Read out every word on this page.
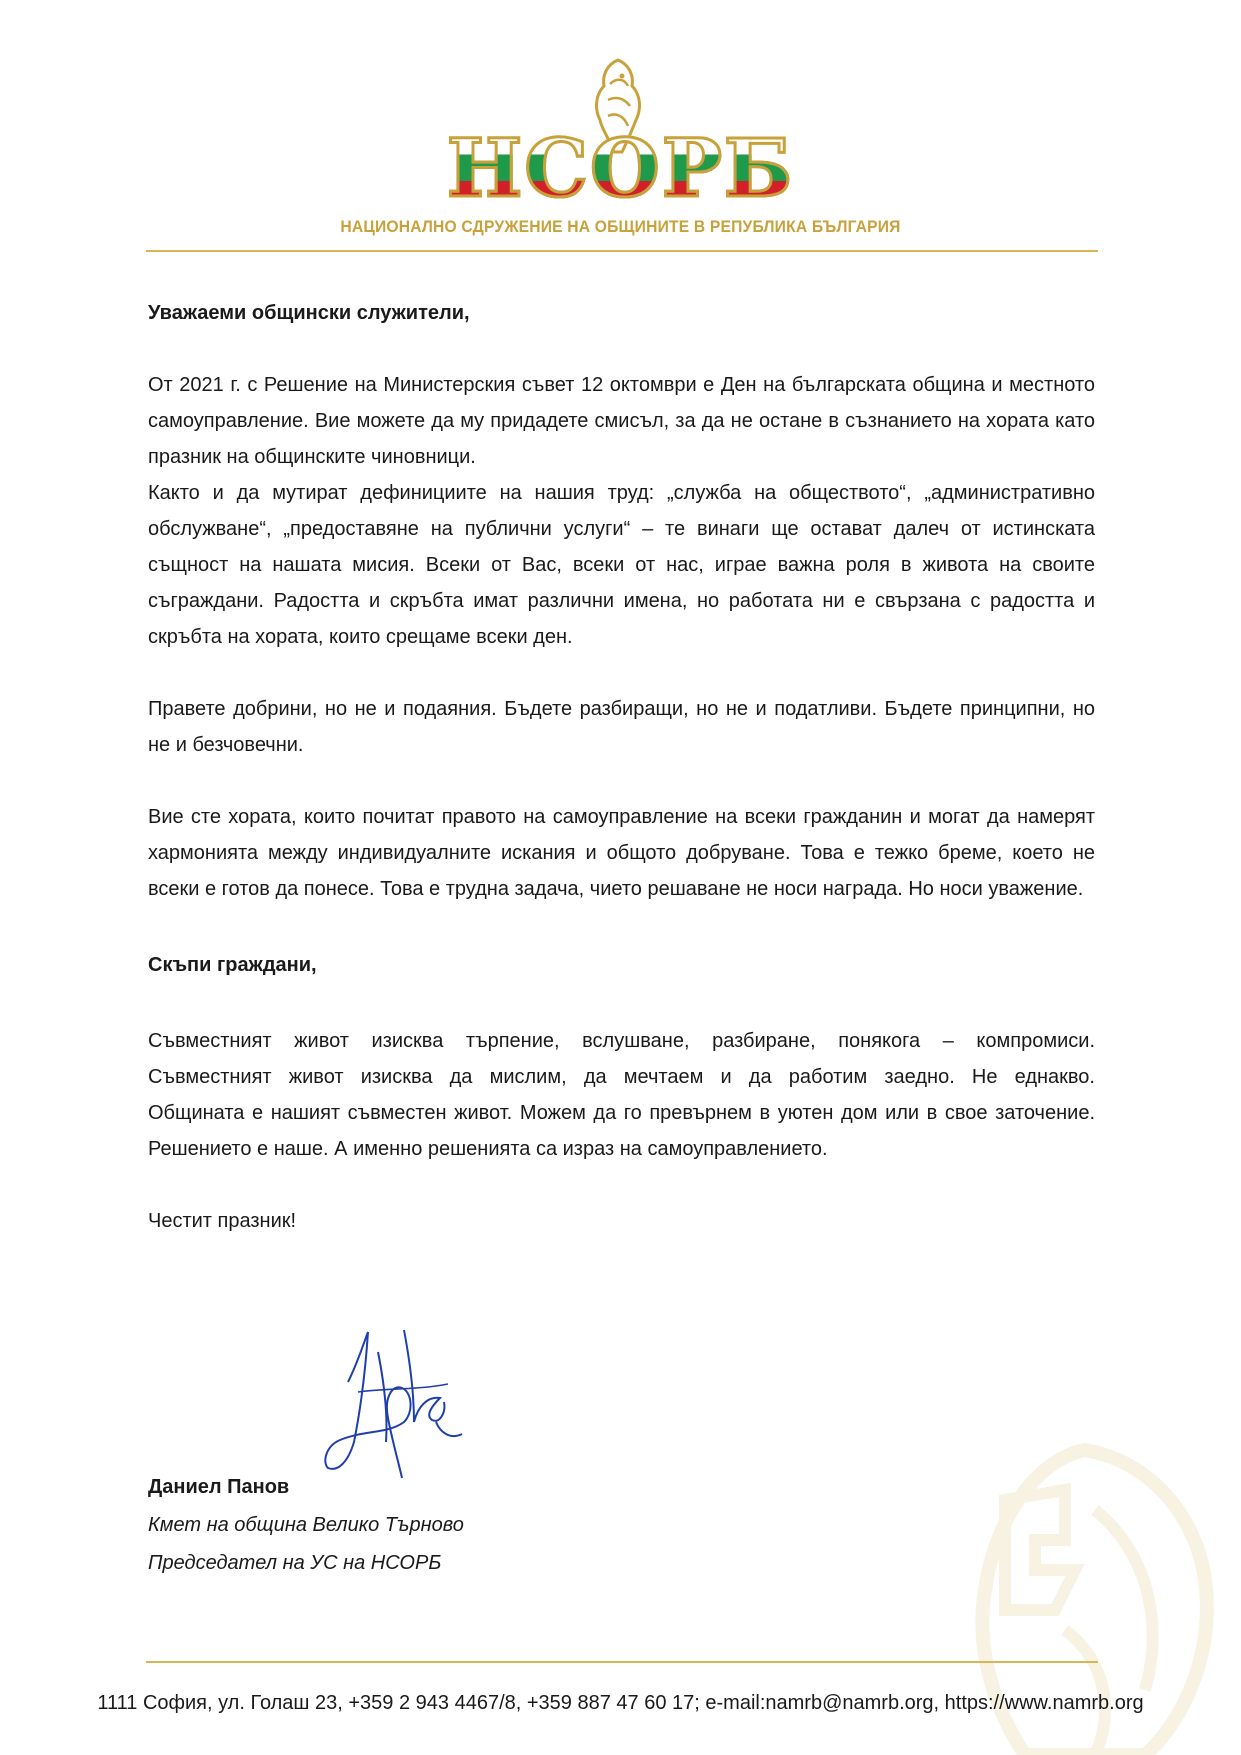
НСОРБ
НАЦИОНАЛНО СДРУЖЕНИЕ НА ОБЩИНИТЕ В РЕПУБЛИКА БЪЛГАРИЯ

Уважаеми общински служители,

От 2021 г. с Решение на Министерския съвет 12 октомври е Ден на българската община и местното самоуправление. Вие можете да му придадете смисъл, за да не остане в съзнанието на хората като празник на общинските чиновници.

Както и да мутират дефинициите на нашия труд: „служба на обществото“, „административно обслужване“, „предоставяне на публични услуги“ – те винаги ще остават далеч от истинската същност на нашата мисия. Всеки от Вас, всеки от нас, играе важна роля в живота на своите съграждани. Радостта и скръбта имат различни имена, но работата ни е свързана с радостта и скръбта на хората, които срещаме всеки ден.

Правете добрини, но не и подаяния. Бъдете разбиращи, но не и податливи. Бъдете принципни, но не и безчовечни.

Вие сте хората, които почитат правото на самоуправление на всеки гражданин и могат да намерят хармонията между индивидуалните искания и общото добруване. Това е тежко бреме, което не всеки е готов да понесе. Това е трудна задача, чието решаване не носи награда. Но носи уважение.

Скъпи граждани,

Съвместният живот изисква търпение, вслушване, разбиране, понякога – компромиси.

Съвместният живот изисква да мислим, да мечтаем и да работим заедно. Не еднакво.

Общината е нашият съвместен живот. Можем да го превърнем в уютен дом или в свое заточение. Решението е наше. А именно решенията са израз на самоуправлението.

Честит празник!

Даниел Панов
Кмет на община Велико Търново
Председател на УС на НСОРБ
1111 София, ул. Голаш 23, +359 2 943 4467/8, +359 887 47 60 17; e-mail:namrb@namrb.org, https://www.namrb.org
